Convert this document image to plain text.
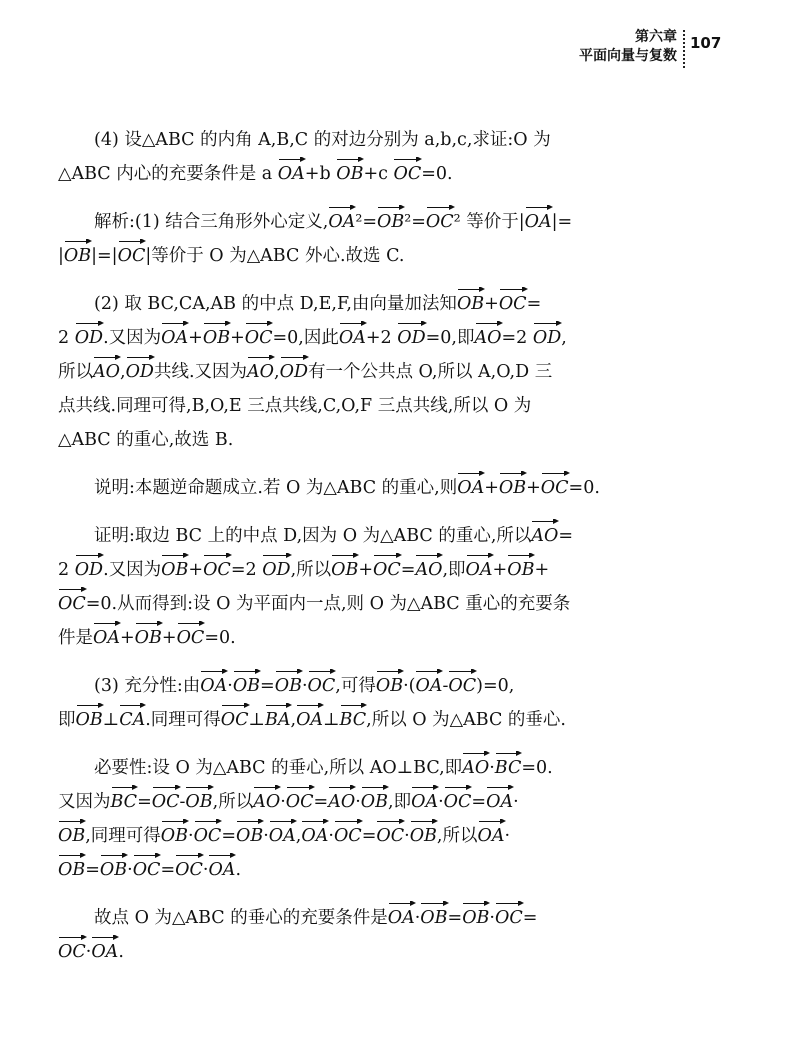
第六章
平面向量与复数
107
(4) 设△ABC 的内角 A,B,C 的对边分别为 a,b,c,求证:O 为
△ABC 内心的充要条件是 a OA+b OB+c OC=0.
解析:(1) 结合三角形外心定义,OA²=OB²=OC² 等价于|OA|=
|OB|=|OC|等价于 O 为△ABC 外心.故选 C.
(2) 取 BC,CA,AB 的中点 D,E,F,由向量加法知OB+OC=
2 OD.又因为OA+OB+OC=0,因此OA+2 OD=0,即AO=2 OD,
所以AO,OD共线.又因为AO,OD有一个公共点 O,所以 A,O,D 三
点共线.同理可得,B,O,E 三点共线,C,O,F 三点共线,所以 O 为
△ABC 的重心,故选 B.
说明:本题逆命题成立.若 O 为△ABC 的重心,则OA+OB+OC=0.
证明:取边 BC 上的中点 D,因为 O 为△ABC 的重心,所以AO=
2 OD.又因为OB+OC=2 OD,所以OB+OC=AO,即OA+OB+
OC=0.从而得到:设 O 为平面内一点,则 O 为△ABC 重心的充要条
件是OA+OB+OC=0.
(3) 充分性:由OA·OB=OB·OC,可得OB·(OA-OC)=0,
即OB⊥CA.同理可得OC⊥BA,OA⊥BC,所以 O 为△ABC 的垂心.
必要性:设 O 为△ABC 的垂心,所以 AO⊥BC,即AO·BC=0.
又因为BC=OC-OB,所以AO·OC=AO·OB,即OA·OC=OA·
OB,同理可得OB·OC=OB·OA,OA·OC=OC·OB,所以OA·
OB=OB·OC=OC·OA.
故点 O 为△ABC 的垂心的充要条件是OA·OB=OB·OC=
OC·OA.
